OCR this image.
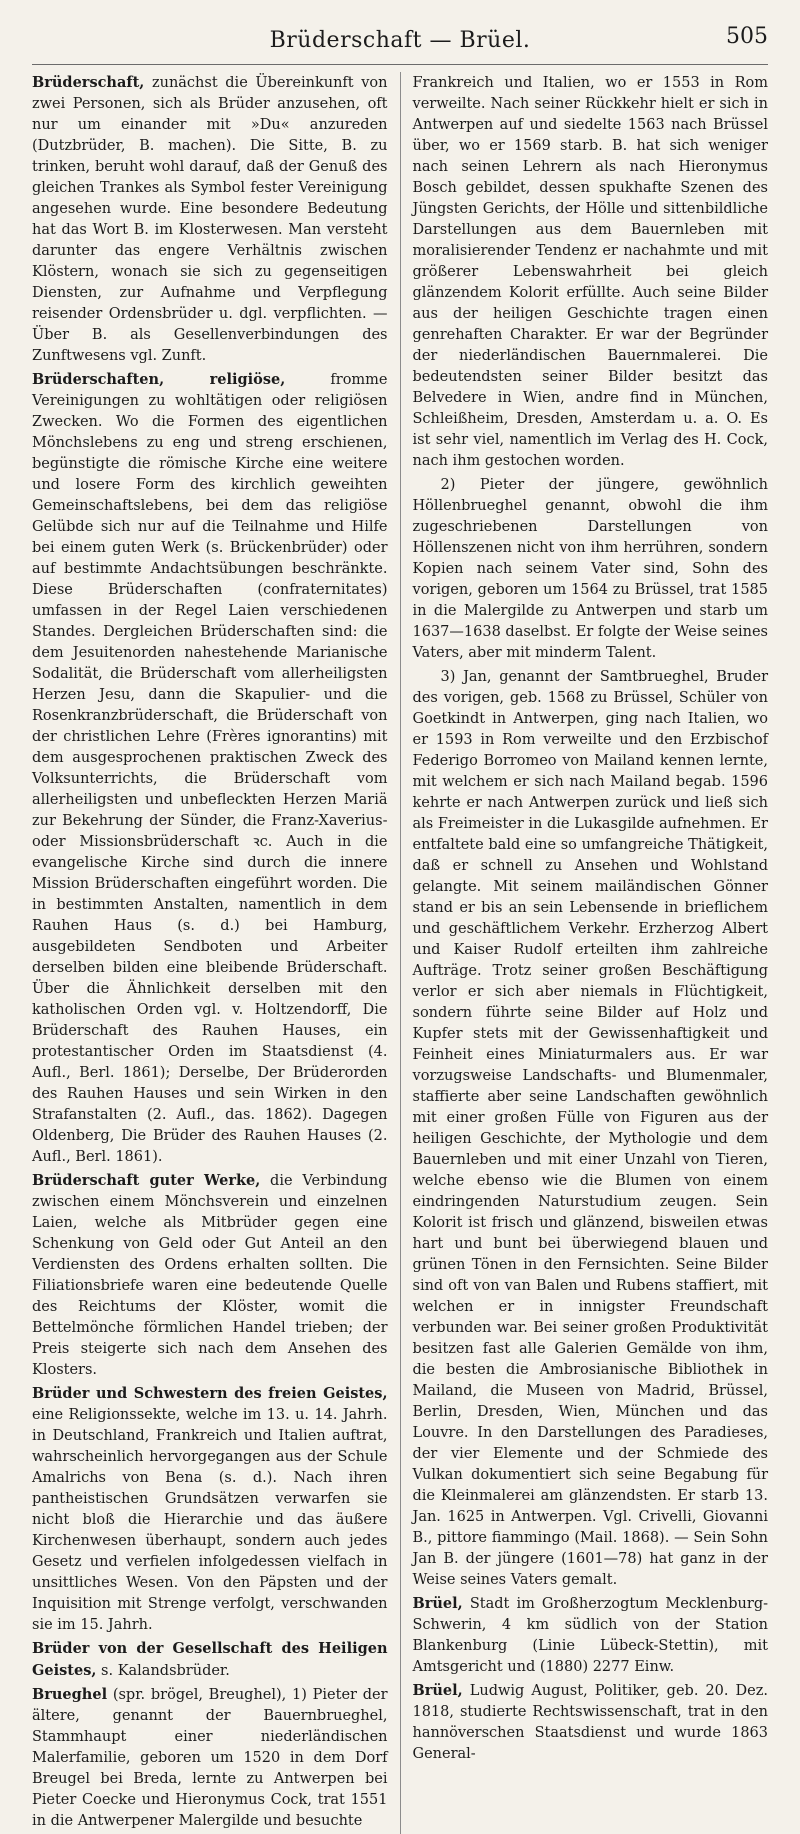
Brüderschaft — Brüel.	505

Brüderschaft, zunächst die Übereinkunft von zwei Personen, sich als Brüder anzusehen, oft nur um einander mit »Du« anzureden (Dutzbrüder, B. machen). Die Sitte, B. zu trinken, beruht wohl darauf, daß der Genuß des gleichen Trankes als Symbol fester Vereinigung angesehen wurde. Eine besondere Bedeutung hat das Wort B. im Klosterwesen. Man versteht darunter das engere Verhältnis zwischen Klöstern, wonach sie sich zu gegenseitigen Diensten, zur Aufnahme und Verpflegung reisender Ordensbrüder u. dgl. verpflichten. — Über B. als Gesellenverbindungen des Zunftwesens vgl. Zunft.

Brüderschaften, religiöse, fromme Vereinigungen zu wohltätigen oder religiösen Zwecken. Wo die Formen des eigentlichen Mönchslebens zu eng und streng erschienen, begünstigte die römische Kirche eine weitere und losere Form des kirchlich geweihten Gemeinschaftslebens, bei dem das religiöse Gelübde sich nur auf die Teilnahme und Hilfe bei einem guten Werk (s. Brückenbrüder) oder auf bestimmte Andachtsübungen beschränkte. Diese Brüderschaften (confraternitates) umfassen in der Regel Laien verschiedenen Standes. Dergleichen Brüderschaften sind: die dem Jesuitenorden nahestehende Marianische Sodalität, die Brüderschaft vom allerheiligsten Herzen Jesu, dann die Skapulier- und die Rosenkranzbrüderschaft, die Brüderschaft von der christlichen Lehre (Frères ignorantins) mit dem ausgesprochenen praktischen Zweck des Volksunterrichts, die Brüderschaft vom allerheiligsten und unbefleckten Herzen Mariä zur Bekehrung der Sünder, die Franz-Xaverius- oder Missionsbrüderschaft ꝛc. Auch in die evangelische Kirche sind durch die innere Mission Brüderschaften eingeführt worden. Die in bestimmten Anstalten, namentlich in dem Rauhen Haus (s. d.) bei Hamburg, ausgebildeten Sendboten und Arbeiter derselben bilden eine bleibende Brüderschaft. Über die Ähnlichkeit derselben mit den katholischen Orden vgl. v. Holtzendorff, Die Brüderschaft des Rauhen Hauses, ein protestantischer Orden im Staatsdienst (4. Aufl., Berl. 1861); Derselbe, Der Brüderorden des Rauhen Hauses und sein Wirken in den Strafanstalten (2. Aufl., das. 1862). Dagegen Oldenberg, Die Brüder des Rauhen Hauses (2. Aufl., Berl. 1861).

Brüderschaft guter Werke, die Verbindung zwischen einem Mönchsverein und einzelnen Laien, welche als Mitbrüder gegen eine Schenkung von Geld oder Gut Anteil an den Verdiensten des Ordens erhalten sollten. Die Filiationsbriefe waren eine bedeutende Quelle des Reichtums der Klöster, womit die Bettelmönche förmlichen Handel trieben; der Preis steigerte sich nach dem Ansehen des Klosters.

Brüder und Schwestern des freien Geistes, eine Religionssekte, welche im 13. u. 14. Jahrh. in Deutschland, Frankreich und Italien auftrat, wahrscheinlich hervorgegangen aus der Schule Amalrichs von Bena (s. d.). Nach ihren pantheistischen Grundsätzen verwarfen sie nicht bloß die Hierarchie und das äußere Kirchenwesen überhaupt, sondern auch jedes Gesetz und verfielen infolgedessen vielfach in unsittliches Wesen. Von den Päpsten und der Inquisition mit Strenge verfolgt, verschwanden sie im 15. Jahrh.

Brüder von der Gesellschaft des Heiligen Geistes, s. Kalandsbrüder.

Brueghel (spr. brögel, Breughel), 1) Pieter der ältere, genannt der Bauernbrueghel, Stammhaupt einer niederländischen Malerfamilie, geboren um 1520 in dem Dorf Breugel bei Breda, lernte zu Antwerpen bei Pieter Coecke und Hieronymus Cock, trat 1551 in die Antwerpener Malergilde und besuchte

Frankreich und Italien, wo er 1553 in Rom verweilte. Nach seiner Rückkehr hielt er sich in Antwerpen auf und siedelte 1563 nach Brüssel über, wo er 1569 starb. B. hat sich weniger nach seinen Lehrern als nach Hieronymus Bosch gebildet, dessen spukhafte Szenen des Jüngsten Gerichts, der Hölle und sittenbildliche Darstellungen aus dem Bauernleben mit moralisierender Tendenz er nachahmte und mit größerer Lebenswahrheit bei gleich glänzendem Kolorit erfüllte. Auch seine Bilder aus der heiligen Geschichte tragen einen genrehaften Charakter. Er war der Begründer der niederländischen Bauernmalerei. Die bedeutendsten seiner Bilder besitzt das Belvedere in Wien, andre find in München, Schleißheim, Dresden, Amsterdam u. a. O. Es ist sehr viel, namentlich im Verlag des H. Cock, nach ihm gestochen worden.

2) Pieter der jüngere, gewöhnlich Höllenbrueghel genannt, obwohl die ihm zugeschriebenen Darstellungen von Höllenszenen nicht von ihm herrühren, sondern Kopien nach seinem Vater sind, Sohn des vorigen, geboren um 1564 zu Brüssel, trat 1585 in die Malergilde zu Antwerpen und starb um 1637—1638 daselbst. Er folgte der Weise seines Vaters, aber mit minderm Talent.

3) Jan, genannt der Samtbrueghel, Bruder des vorigen, geb. 1568 zu Brüssel, Schüler von Goetkindt in Antwerpen, ging nach Italien, wo er 1593 in Rom verweilte und den Erzbischof Federigo Borromeo von Mailand kennen lernte, mit welchem er sich nach Mailand begab. 1596 kehrte er nach Antwerpen zurück und ließ sich als Freimeister in die Lukasgilde aufnehmen. Er entfaltete bald eine so umfangreiche Thätigkeit, daß er schnell zu Ansehen und Wohlstand gelangte. Mit seinem mailändischen Gönner stand er bis an sein Lebensende in brieflichem und geschäftlichem Verkehr. Erzherzog Albert und Kaiser Rudolf erteilten ihm zahlreiche Aufträge. Trotz seiner großen Beschäftigung verlor er sich aber niemals in Flüchtigkeit, sondern führte seine Bilder auf Holz und Kupfer stets mit der Gewissenhaftigkeit und Feinheit eines Miniaturmalers aus. Er war vorzugsweise Landschafts- und Blumenmaler, staffierte aber seine Landschaften gewöhnlich mit einer großen Fülle von Figuren aus der heiligen Geschichte, der Mythologie und dem Bauernleben und mit einer Unzahl von Tieren, welche ebenso wie die Blumen von einem eindringenden Naturstudium zeugen. Sein Kolorit ist frisch und glänzend, bisweilen etwas hart und bunt bei überwiegend blauen und grünen Tönen in den Fernsichten. Seine Bilder sind oft von van Balen und Rubens staffiert, mit welchen er in innigster Freundschaft verbunden war. Bei seiner großen Produktivität besitzen fast alle Galerien Gemälde von ihm, die besten die Ambrosianische Bibliothek in Mailand, die Museen von Madrid, Brüssel, Berlin, Dresden, Wien, München und das Louvre. In den Darstellungen des Paradieses, der vier Elemente und der Schmiede des Vulkan dokumentiert sich seine Begabung für die Kleinmalerei am glänzendsten. Er starb 13. Jan. 1625 in Antwerpen. Vgl. Crivelli, Giovanni B., pittore fiammingo (Mail. 1868). — Sein Sohn Jan B. der jüngere (1601—78) hat ganz in der Weise seines Vaters gemalt.

Brüel, Stadt im Großherzogtum Mecklenburg-Schwerin, 4 km südlich von der Station Blankenburg (Linie Lübeck-Stettin), mit Amtsgericht und (1880) 2277 Einw.

Brüel, Ludwig August, Politiker, geb. 20. Dez. 1818, studierte Rechtswissenschaft, trat in den hannöverschen Staatsdienst und wurde 1863 General-
